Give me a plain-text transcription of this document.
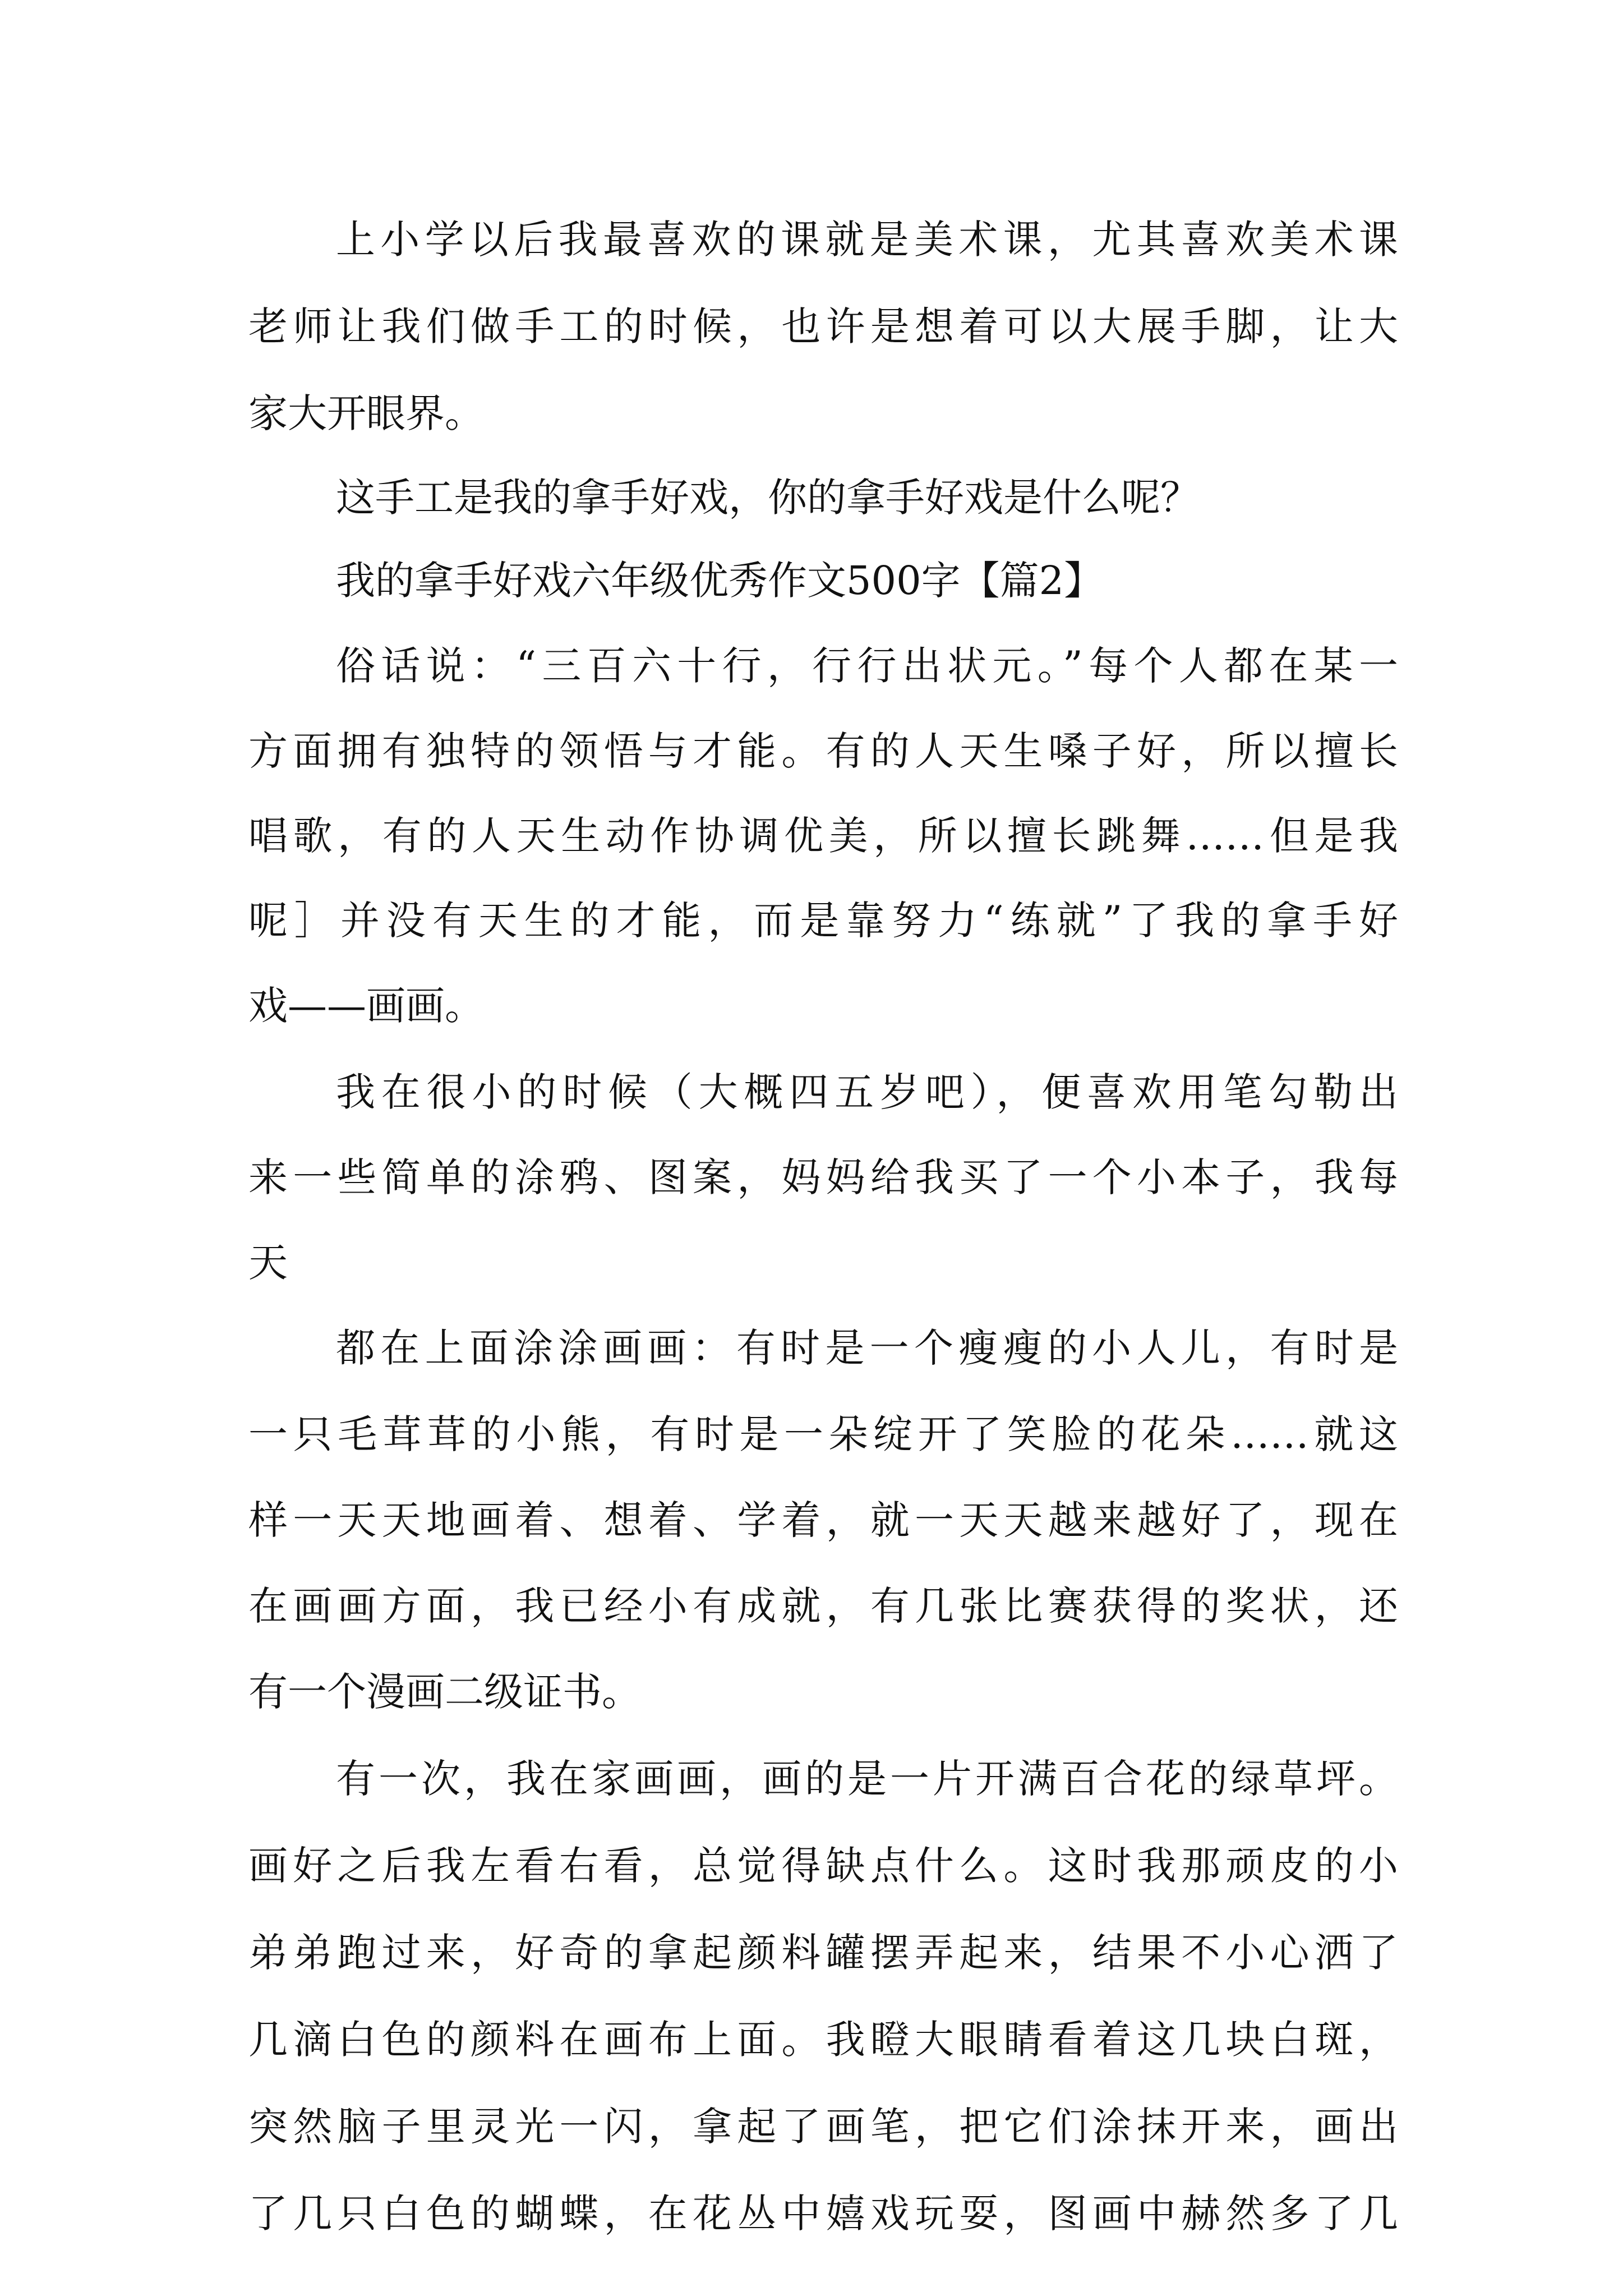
上小学以后我最喜欢的课就是美术课，尤其喜欢美术课
老师让我们做手工的时候，也许是想着可以大展手脚，让大
家大开眼界。
这手工是我的拿手好戏，你的拿手好戏是什么呢？
我的拿手好戏六年级优秀作文500字【篇2】
俗话说：“三百六十行，行行出状元。”每个人都在某一
方面拥有独特的领悟与才能。有的人天生嗓子好，所以擅长
唱歌，有的人天生动作协调优美，所以擅长跳舞……但是我
呢］并没有天生的才能，而是靠努力“练就”了我的拿手好
戏——画画。
我在很小的时候（大概四五岁吧），便喜欢用笔勾勒出
来一些简单的涂鸦、图案，妈妈给我买了一个小本子，我每
天
都在上面涂涂画画：有时是一个瘦瘦的小人儿，有时是
一只毛茸茸的小熊，有时是一朵绽开了笑脸的花朵……就这
样一天天地画着、想着、学着，就一天天越来越好了，现在
在画画方面，我已经小有成就，有几张比赛获得的奖状，还
有一个漫画二级证书。
有一次，我在家画画，画的是一片开满百合花的绿草坪。
画好之后我左看右看，总觉得缺点什么。这时我那顽皮的小
弟弟跑过来，好奇的拿起颜料罐摆弄起来，结果不小心洒了
几滴白色的颜料在画布上面。我瞪大眼睛看着这几块白斑，
突然脑子里灵光一闪，拿起了画笔，把它们涂抹开来，画出
了几只白色的蝴蝶，在花丛中嬉戏玩耍，图画中赫然多了几
